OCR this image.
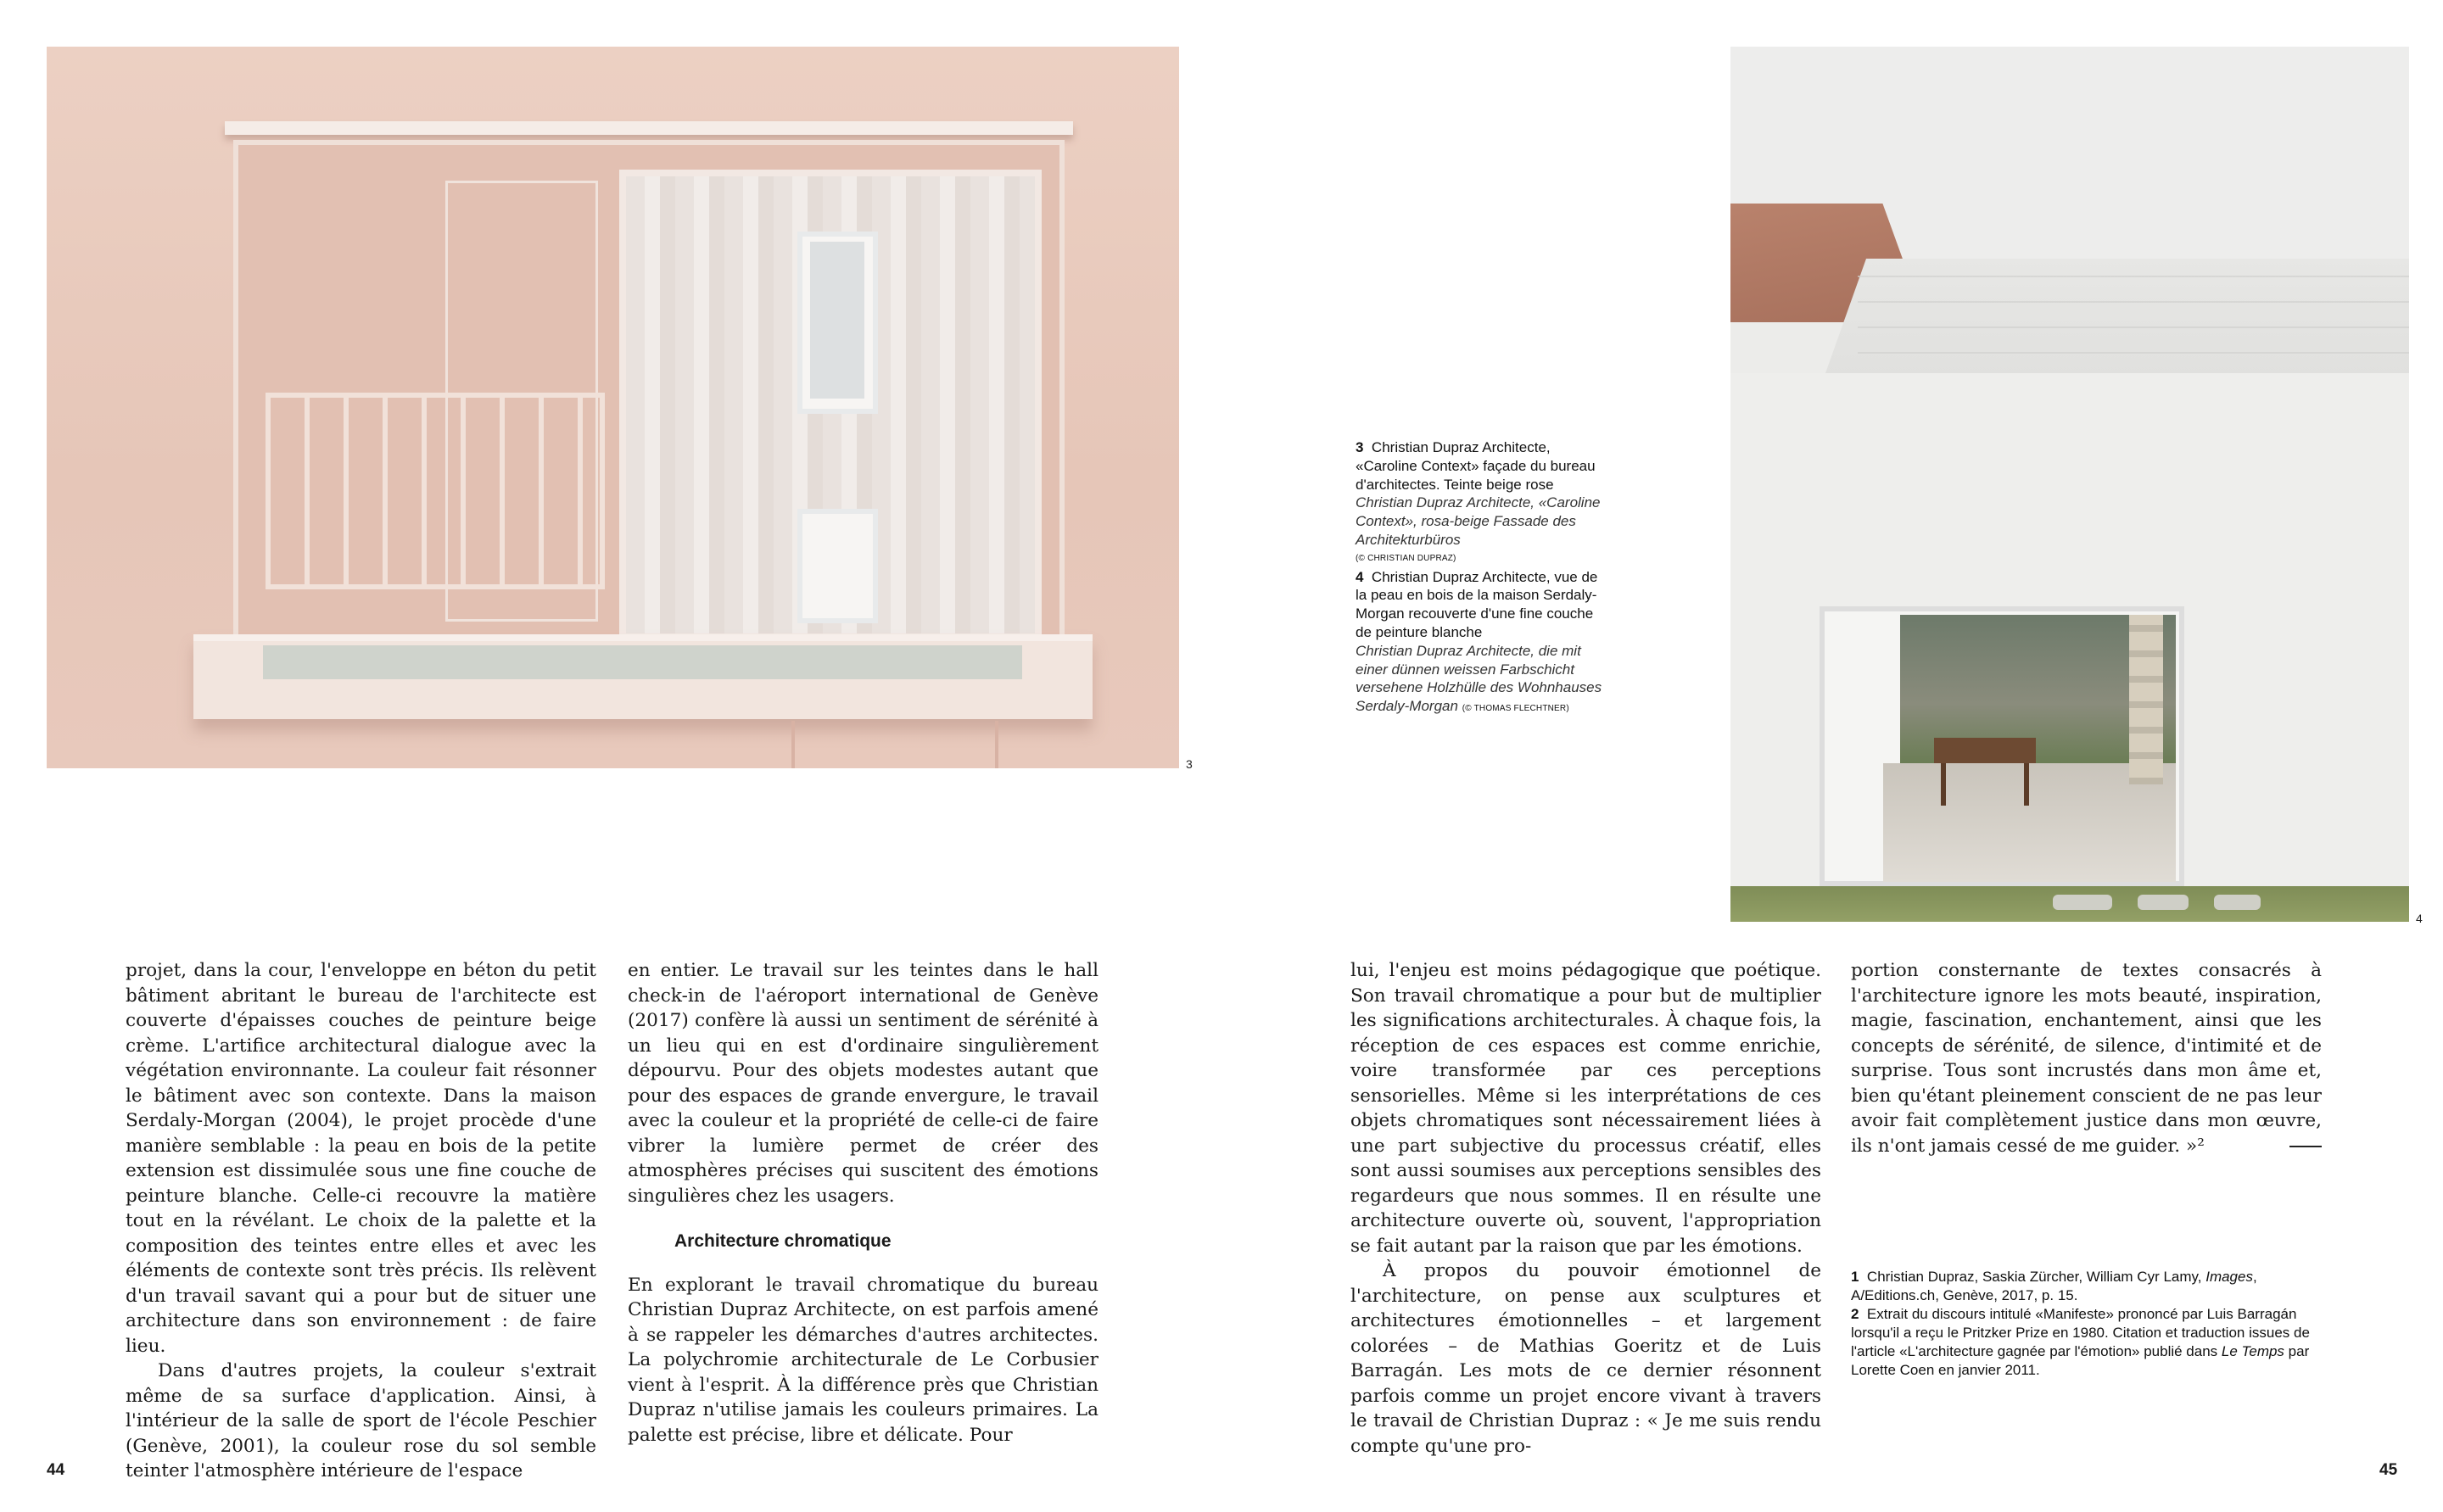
3
4

3 Christian Dupraz Architecte, «Caroline Context» façade du bureau d'architectes. Teinte beige rose

Christian Dupraz Architecte, «Caroline Context», rosa-beige Fassade des Architekturbüros

(© CHRISTIAN DUPRAZ)

4 Christian Dupraz Architecte, vue de la peau en bois de la maison Serdaly-Morgan recouverte d'une fine couche de peinture blanche

Christian Dupraz Architecte, die mit einer dünnen weissen Farbschicht versehene Holzhülle des Wohnhauses Serdaly-Morgan (© THOMAS FLECHTNER)

projet, dans la cour, l'enveloppe en béton du petit bâtiment abritant le bureau de l'architecte est couverte d'épaisses couches de peinture beige crème. L'artifice architectural dialogue avec la végétation environnante. La couleur fait résonner le bâtiment avec son contexte. Dans la maison Serdaly-Morgan (2004), le projet procède d'une manière semblable : la peau en bois de la petite extension est dissimulée sous une fine couche de peinture blanche. Celle-ci recouvre la matière tout en la révélant. Le choix de la palette et la composition des teintes entre elles et avec les éléments de contexte sont très précis. Ils relèvent d'un travail savant qui a pour but de situer une architecture dans son environnement : de faire lieu.

Dans d'autres projets, la couleur s'extrait même de sa surface d'application. Ainsi, à l'intérieur de la salle de sport de l'école Peschier (Genève, 2001), la couleur rose du sol semble teinter l'atmosphère intérieure de l'espace

en entier. Le travail sur les teintes dans le hall check-in de l'aéroport international de Genève (2017) confère là aussi un sentiment de sérénité à un lieu qui en est d'ordinaire singulièrement dépourvu. Pour des objets modestes autant que pour des espaces de grande envergure, le travail avec la couleur et la propriété de celle-ci de faire vibrer la lumière permet de créer des atmosphères précises qui suscitent des émotions singulières chez les usagers.

Architecture chromatique

En explorant le travail chromatique du bureau Christian Dupraz Architecte, on est parfois amené à se rappeler les démarches d'autres architectes. La polychromie architecturale de Le Corbusier vient à l'esprit. À la différence près que Christian Dupraz n'utilise jamais les couleurs primaires. La palette est précise, libre et délicate. Pour

lui, l'enjeu est moins pédagogique que poétique. Son travail chromatique a pour but de multiplier les significations architecturales. À chaque fois, la réception de ces espaces est comme enrichie, voire transformée par ces perceptions sensorielles. Même si les interprétations de ces objets chromatiques sont nécessairement liées à une part subjective du processus créatif, elles sont aussi soumises aux perceptions sensibles des regardeurs que nous sommes. Il en résulte une architecture ouverte où, souvent, l'appropriation se fait autant par la raison que par les émotions.

À propos du pouvoir émotionnel de l'architecture, on pense aux sculptures et architectures émotionnelles – et largement colorées – de Mathias Goeritz et de Luis Barragán. Les mots de ce dernier résonnent parfois comme un projet encore vivant à travers le travail de Christian Dupraz : « Je me suis rendu compte qu'une pro-

portion consternante de textes consacrés à l'architecture ignore les mots beauté, inspiration, magie, fascination, enchantement, ainsi que les concepts de sérénité, de silence, d'intimité et de surprise. Tous sont incrustés dans mon âme et, bien qu'étant pleinement conscient de ne pas leur avoir fait complètement justice dans mon œuvre, ils n'ont jamais cessé de me guider. »²

1 Christian Dupraz, Saskia Zürcher, William Cyr Lamy, Images, A/Editions.ch, Genève, 2017, p. 15.

2 Extrait du discours intitulé «Manifeste» prononcé par Luis Barragán lorsqu'il a reçu le Pritzker Prize en 1980. Citation et traduction issues de l'article «L'architecture gagnée par l'émotion» publié dans Le Temps par Lorette Coen en janvier 2011.

44	45
